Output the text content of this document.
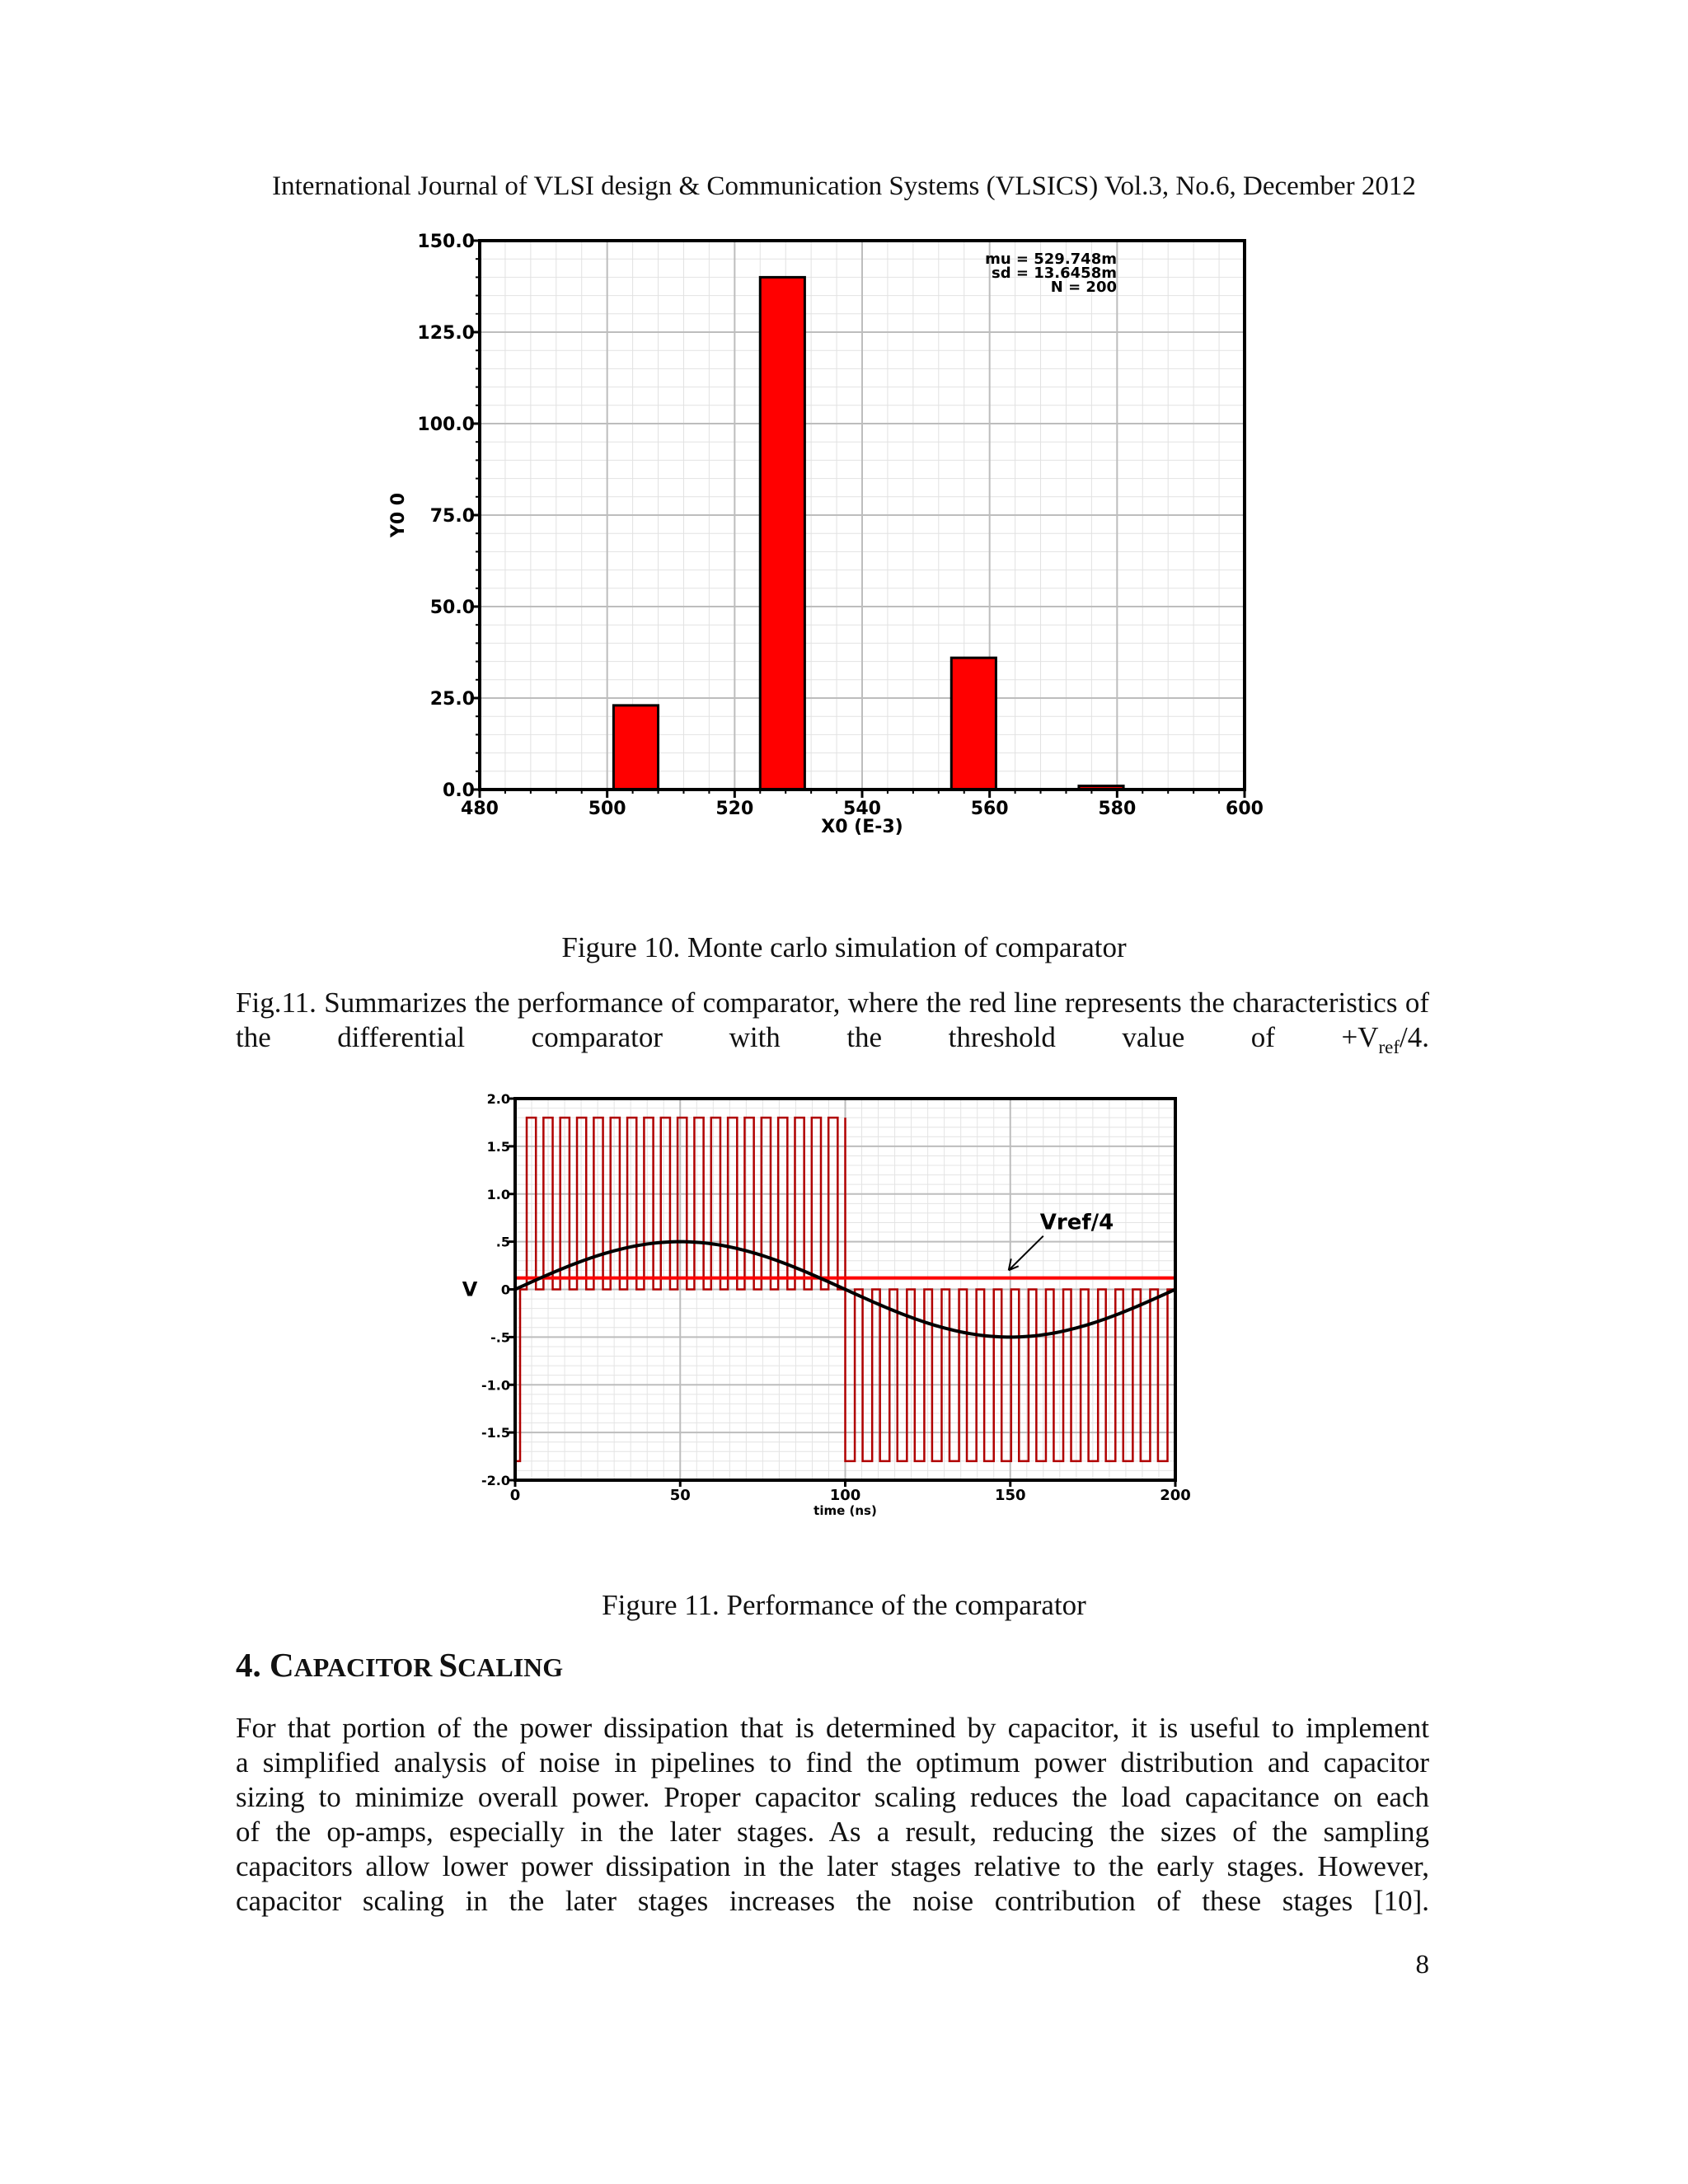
International Journal of VLSI design & Communication Systems (VLSICS) Vol.3, No.6, December 2012
0.0
25.0
50.0
75.0
100.0
125.0
150.0
480	500	520	540	560	580	600
X0 (E-3)
Y0 0
mu = 529.748m
sd = 13.6458m
N = 200
Figure 10. Monte carlo simulation of comparator
Fig.11. Summarizes the performance of comparator, where the red line represents the characteristics of the differential comparator with the threshold value of $+V_{ref}/4$.
Vref/4
2.0
1.5
1.0
.5
0
-.5
-1.0
-1.5
-2.0
0	50	100	150	200
time (ns)
V
Figure 11. Performance of the comparator
4. CAPACITOR SCALING
For that portion of the power dissipation that is determined by capacitor, it is useful to implement
a simplified analysis of noise in pipelines to find the optimum power distribution and capacitor
sizing to minimize overall power. Proper capacitor scaling reduces the load capacitance on each
of the op-amps, especially in the later stages. As a result, reducing the sizes of the sampling
capacitors allow lower power dissipation in the later stages relative to the early stages. However,
capacitor scaling in the later stages increases the noise contribution of these stages [10].
8
